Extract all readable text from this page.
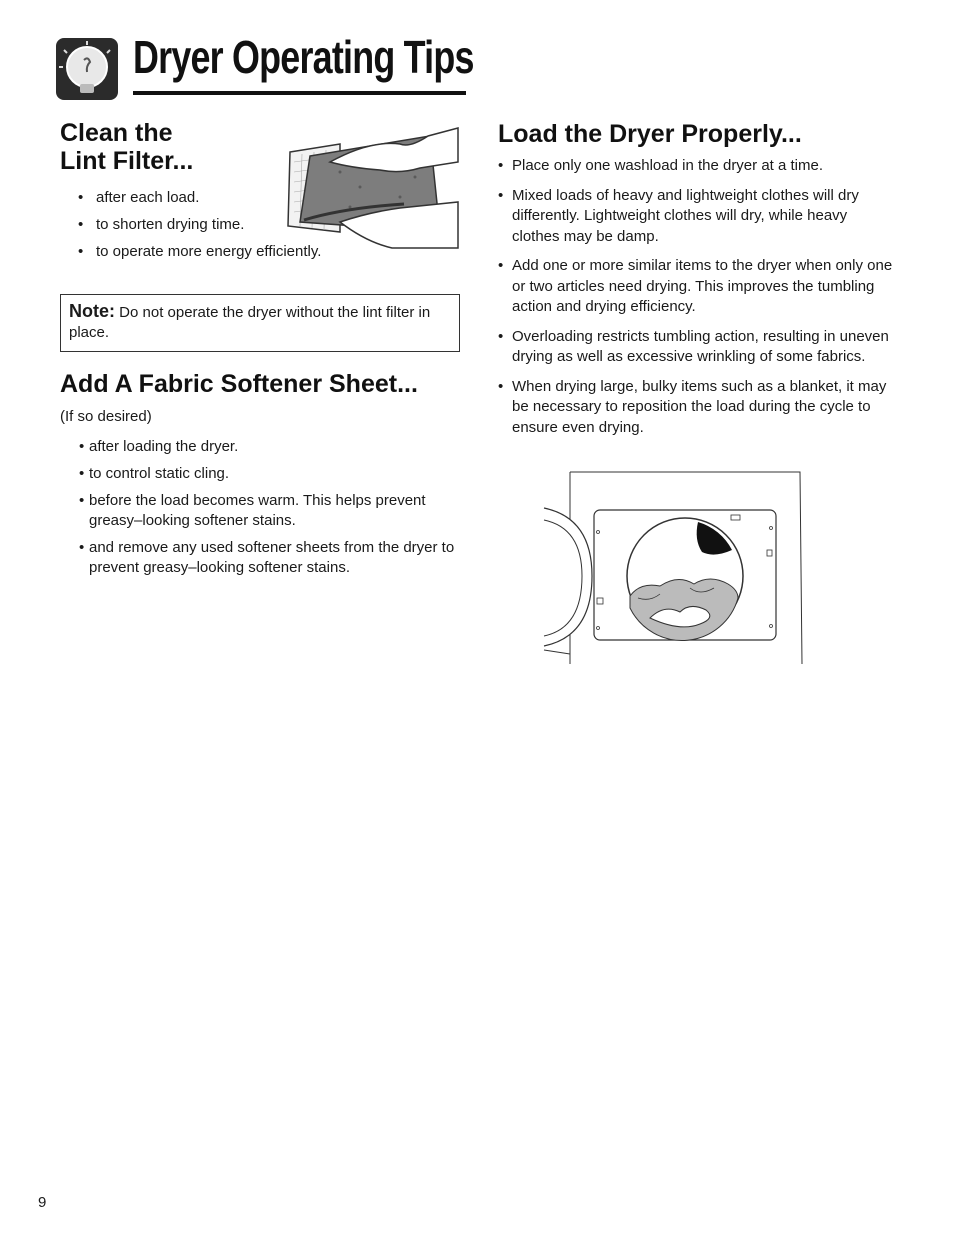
Dryer Operating Tips
Clean the
Lint Filter...
• after each load.
• to shorten drying time.
• to operate more energy efficiently.
Note: Do not operate the dryer without the lint filter in place.
Add A Fabric Softener Sheet...
(If so desired)
• after loading the dryer.
• to control static cling.
• before the load becomes warm. This helps prevent greasy–looking softener stains.
• and remove any used softener sheets from the dryer to prevent greasy–looking softener stains.
Load the Dryer Properly...
• Place only one washload in the dryer at a time.
• Mixed loads of heavy and lightweight clothes will dry differently. Lightweight clothes will dry, while heavy clothes may be damp.
• Add one or more similar items to the dryer when only one or two articles need drying. This improves the tumbling action and drying efficiency.
• Overloading restricts tumbling action, resulting in uneven drying as well as excessive wrinkling of some fabrics.
• When drying large, bulky items such as a blanket, it may be necessary to reposition the load during the cycle to ensure even drying.
9
